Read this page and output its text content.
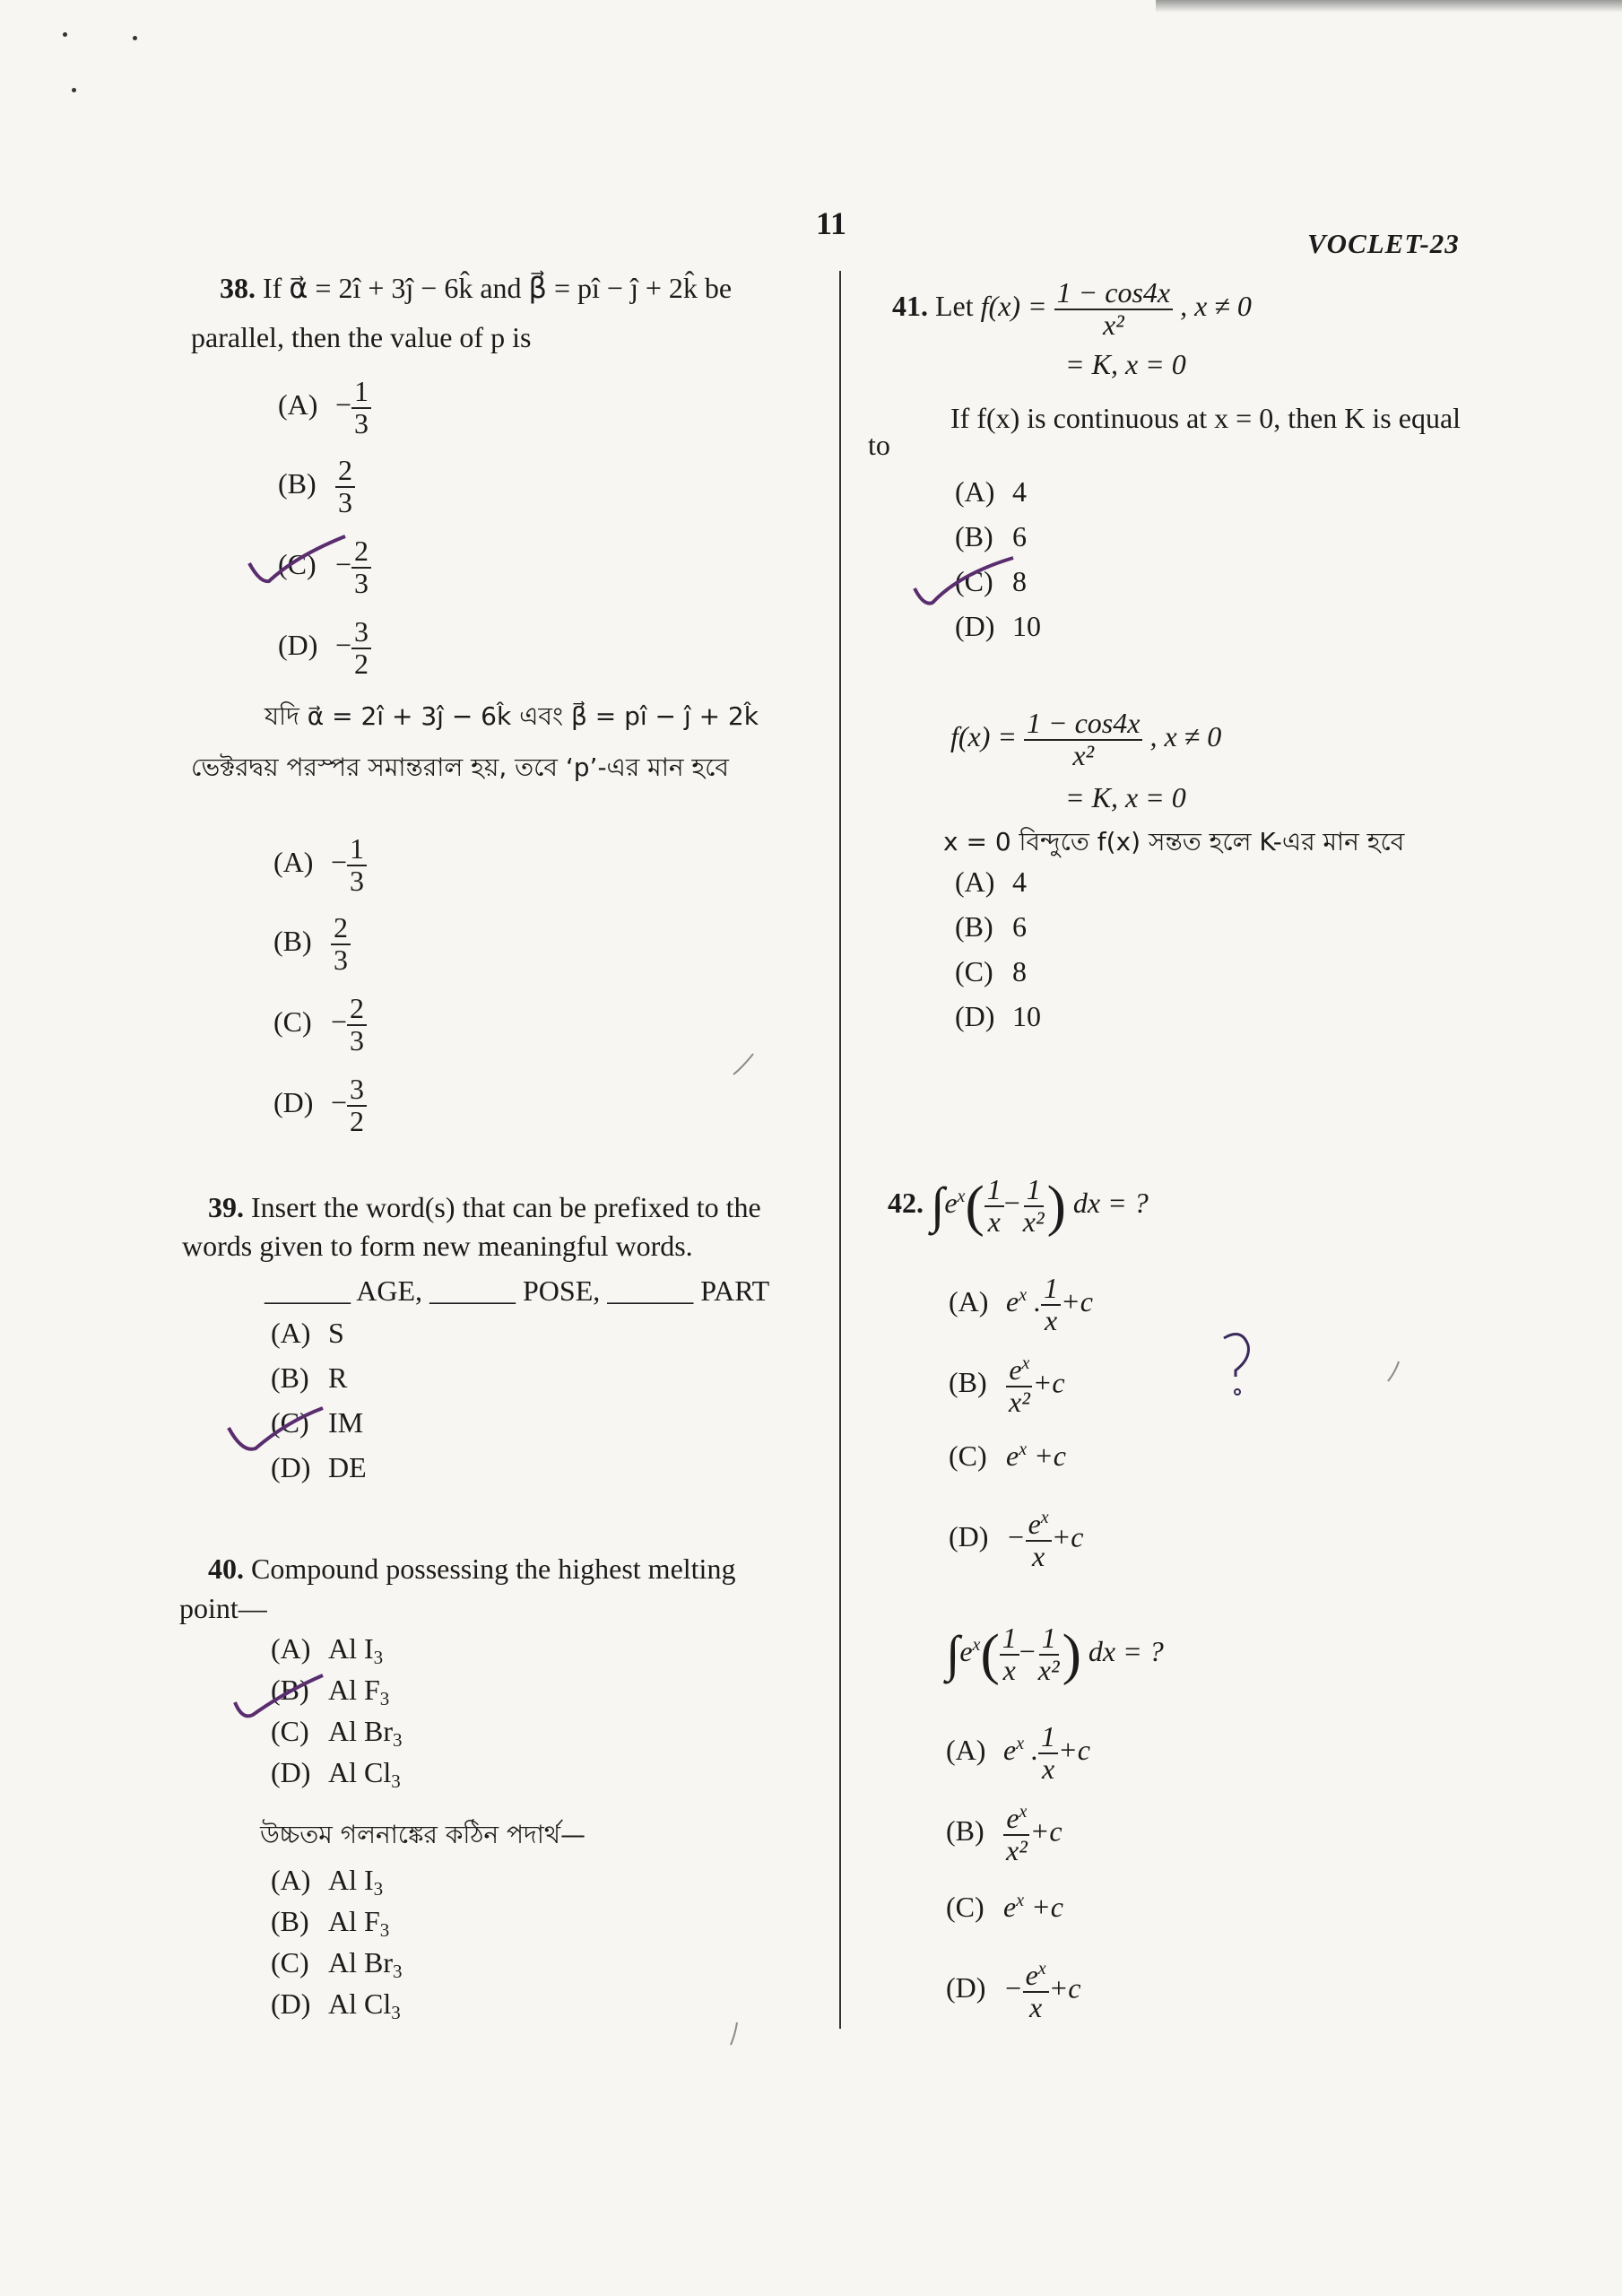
11
VOCLET-23
38. If α⃗ = 2î + 3ĵ − 6k̂ and β⃗ = pî − ĵ + 2k̂ be
parallel, then the value of p is
$(A) - \frac{1}{3}$
$(B) \frac{2}{3}$
$(C) - \frac{2}{3}$
$(D) - \frac{3}{2}$
যদি α⃗ = 2î + 3ĵ − 6k̂ এবং β⃗ = pî − ĵ + 2k̂
ভেক্টরদ্বয় পরস্পর সমান্তরাল হয়, তবে ‘p’-এর মান হবে
$(A) - \frac{1}{3}$
$(B) \frac{2}{3}$
$(C) - \frac{2}{3}$
$(D) - \frac{3}{2}$
39. Insert the word(s) that can be prefixed to the
words given to form new meaningful words.
______ AGE, ______ POSE, ______ PART
(A) S
(B) R
(C) IM
(D) DE
40. Compound possessing the highest melting
point—
(A) Al $I_3$
(B) Al $F_3$
(C) Al $Br_3$
(D) Al $Cl_3$
উচ্চতম গলনাঙ্কের কঠিন পদার্থ—
(A) Al $I_3$
(B) Al $F_3$
(C) Al $Br_3$
(D) Al $Cl_3$
41. Let $f(x) = \frac{1 - \cos 4x}{\text{x²}}$ , x ≠ 0
= K, x = 0
If f(x) is continuous at x = 0, then K is equal
to
(A) 4
(B) 6
(C) 8
(D) 10
$f(x) = \frac{1 - \cos 4x}{\text{x²}}$ , x ≠ 0
= K, x = 0
x = 0 বিন্দুতে f(x) সন্তত হলে K-এর মান হবে
(A) 4
(B) 6
(C) 8
(D) 10
42. $\int e^x( \frac{1}{x} - \frac{1}{\text{x²}}$ ) dx = ?
(A) $e^x$ . $\frac{1}{x} +c$
$(B) \frac{e^x}{\text{x²}} +c$
(C) $e^x +c$
$(D) - \frac{e^x}{x} +c$
$\int e^x( \frac{1}{x} - \frac{1}{\text{x²}}$ ) dx = ?
(A) $e^x$ . $\frac{1}{x} +c$
$(B) \frac{e^x}{\text{x²}} +c$
(C) $e^x +c$
$(D) - \frac{e^x}{x} +c$
